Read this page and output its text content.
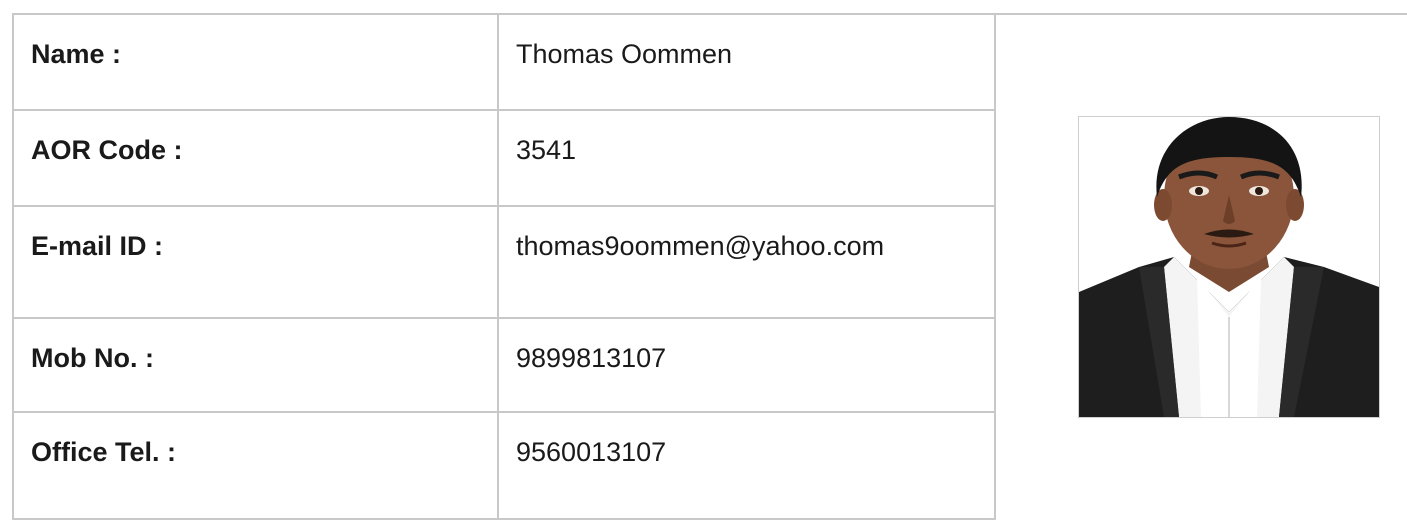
Name :	Thomas Oommen	

AOR Code :	3541	
E-mail ID :	thomas9oommen@yahoo.com	
Mob No. :	9899813107	
Office Tel. :	9560013107	
